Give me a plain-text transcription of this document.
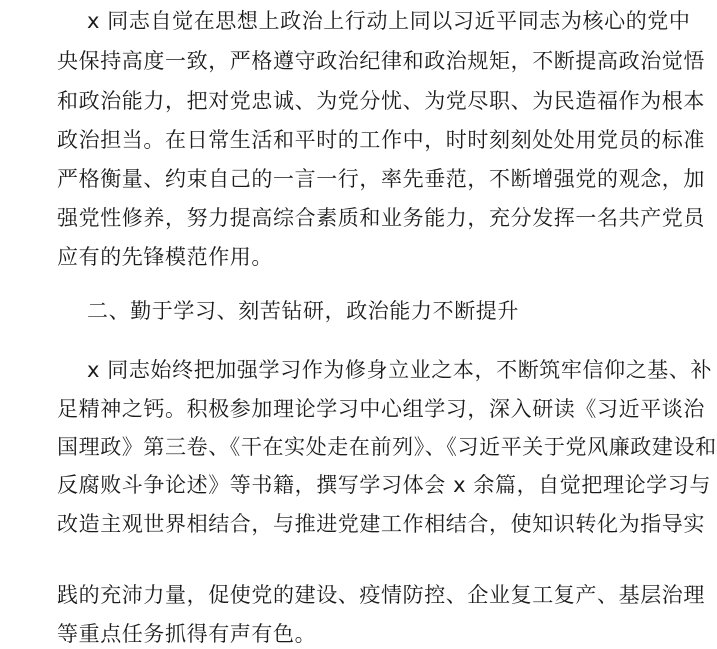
x 同志自觉在思想上政治上行动上同以习近平同志为核心的党中
央保持高度一致，严格遵守政治纪律和政治规矩，不断提高政治觉悟
和政治能力，把对党忠诚、为党分忧、为党尽职、为民造福作为根本
政治担当。在日常生活和平时的工作中，时时刻刻处处用党员的标准
严格衡量、约束自己的一言一行，率先垂范，不断增强党的观念，加
强党性修养，努力提高综合素质和业务能力，充分发挥一名共产党员
应有的先锋模范作用。
二、勤于学习、刻苦钻研，政治能力不断提升
x 同志始终把加强学习作为修身立业之本，不断筑牢信仰之基、补
足精神之钙。积极参加理论学习中心组学习，深入研读《习近平谈治
国理政》第三卷、《干在实处走在前列》、《习近平关于党风廉政建设和
反腐败斗争论述》等书籍，撰写学习体会 x 余篇，自觉把理论学习与
改造主观世界相结合，与推进党建工作相结合，使知识转化为指导实
践的充沛力量，促使党的建设、疫情防控、企业复工复产、基层治理
等重点任务抓得有声有色。
